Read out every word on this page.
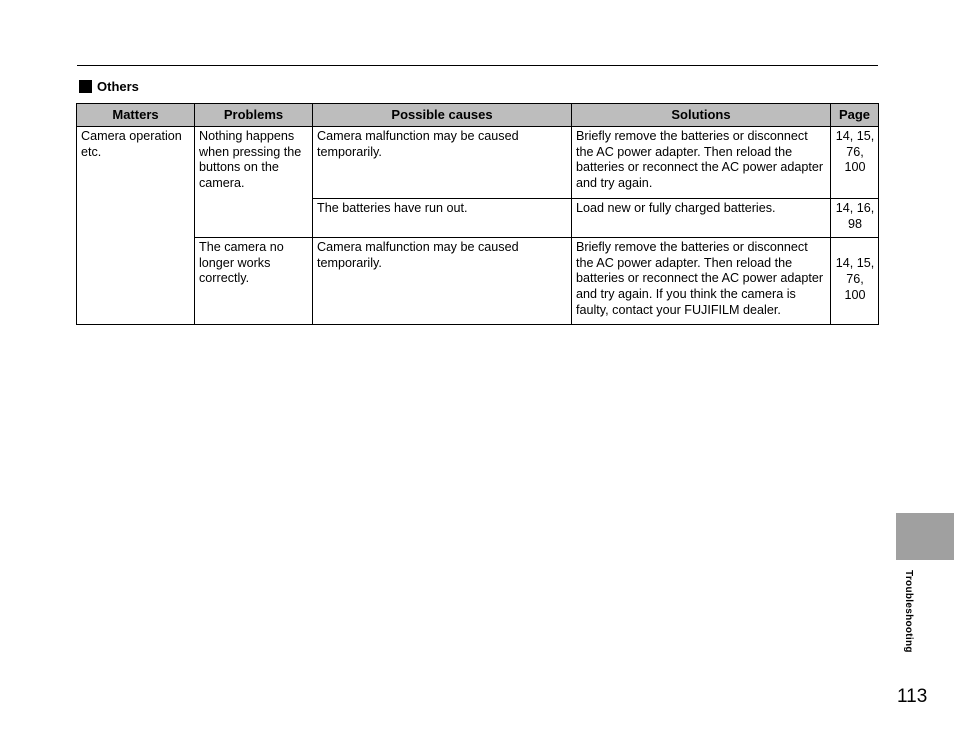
Others
Matters	Problems	Possible causes	Solutions	Page
Camera operation etc.	Nothing happens when pressing the buttons on the camera.	Camera malfunction may be caused temporarily.	Briefly remove the batteries or disconnect the AC power adapter. Then reload the batteries or reconnect the AC power adapter and try again.	14, 15, 76, 100
		The batteries have run out.	Load new or fully charged batteries.	14, 16, 98
	The camera no longer works correctly.	Camera malfunction may be caused temporarily.	Briefly remove the batteries or disconnect the AC power adapter. Then reload the batteries or reconnect the AC power adapter and try again. If you think the camera is faulty, contact your FUJIFILM dealer.	14, 15, 76, 100
Troubleshooting
113
